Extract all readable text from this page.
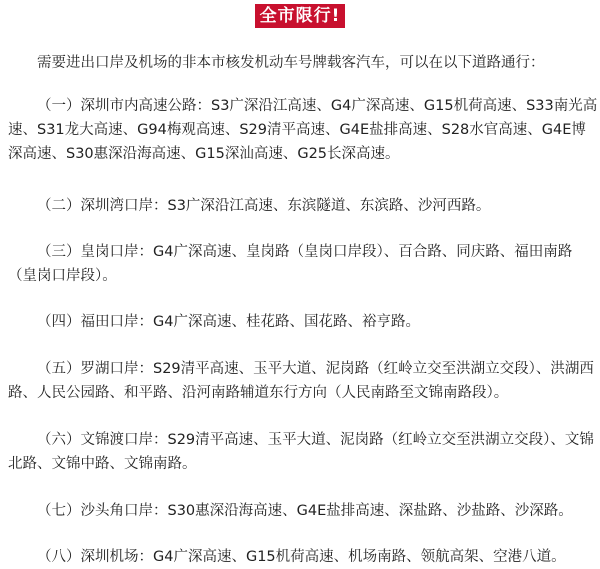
全市限行!

需要进出口岸及机场的非本市核发机动车号牌载客汽车，可以在以下道路通行：

（一）深圳市内高速公路：S3广深沿江高速、G4广深高速、G15机荷高速、S33南光高速、S31龙大高速、G94梅观高速、S29清平高速、G4E盐排高速、S28水官高速、G4E博深高速、S30惠深沿海高速、G15深汕高速、G25长深高速。

（二）深圳湾口岸：S3广深沿江高速、东滨隧道、东滨路、沙河西路。

（三）皇岗口岸：G4广深高速、皇岗路（皇岗口岸段）、百合路、同庆路、福田南路（皇岗口岸段）。

（四）福田口岸：G4广深高速、桂花路、国花路、裕亨路。

（五）罗湖口岸：S29清平高速、玉平大道、泥岗路（红岭立交至洪湖立交段）、洪湖西路、人民公园路、和平路、沿河南路辅道东行方向（人民南路至文锦南路段）。

（六）文锦渡口岸：S29清平高速、玉平大道、泥岗路（红岭立交至洪湖立交段）、文锦北路、文锦中路、文锦南路。

（七）沙头角口岸：S30惠深沿海高速、G4E盐排高速、深盐路、沙盐路、沙深路。

（八）深圳机场：G4广深高速、G15机荷高速、机场南路、领航高架、空港八道。
